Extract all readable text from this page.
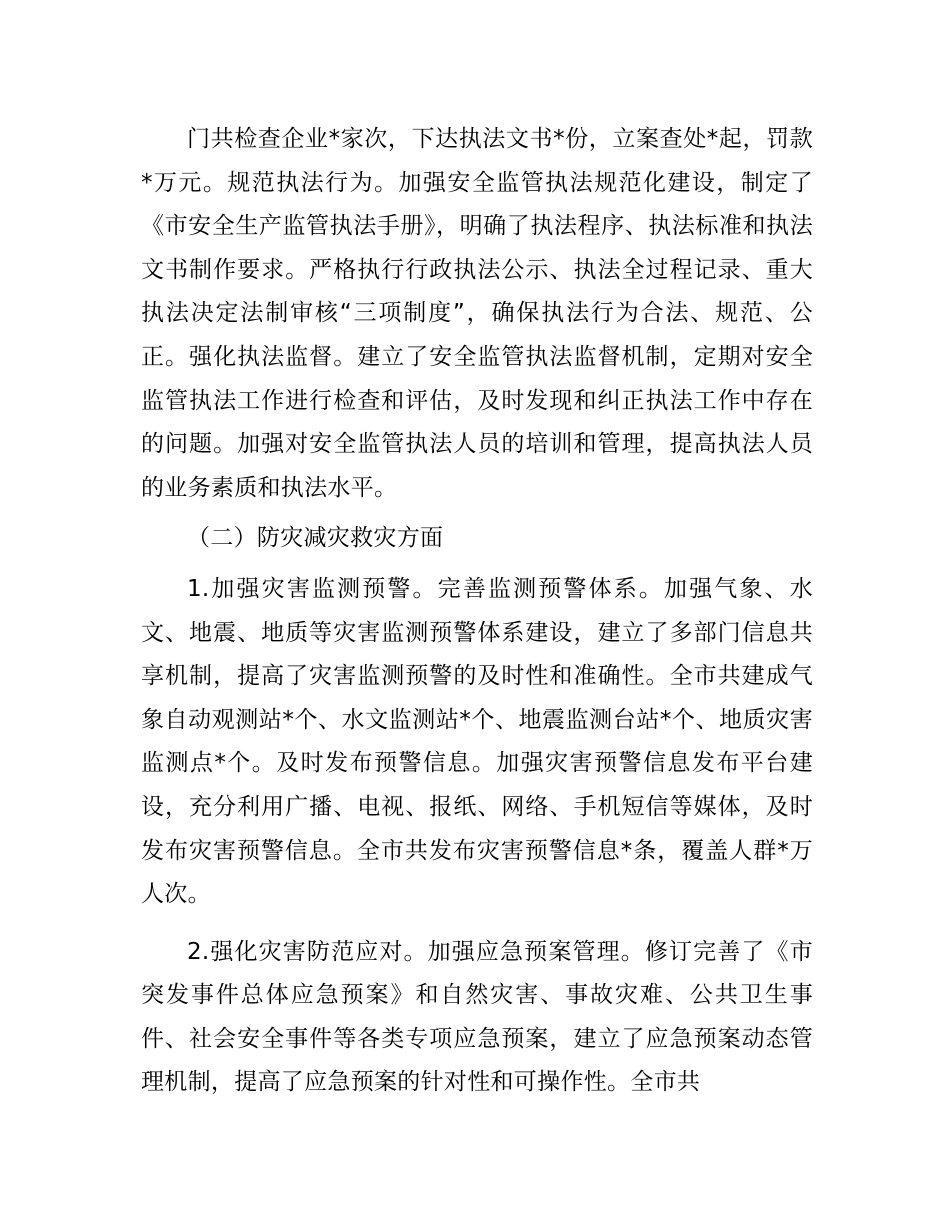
门共检查企业*家次，下达执法文书*份，立案查处*起，罚款*万元。规范执法行为。加强安全监管执法规范化建设，制定了《市安全生产监管执法手册》，明确了执法程序、执法标准和执法文书制作要求。严格执行行政执法公示、执法全过程记录、重大执法决定法制审核“三项制度”，确保执法行为合法、规范、公正。强化执法监督。建立了安全监管执法监督机制，定期对安全监管执法工作进行检查和评估，及时发现和纠正执法工作中存在的问题。加强对安全监管执法人员的培训和管理，提高执法人员的业务素质和执法水平。

（二）防灾减灾救灾方面

1.加强灾害监测预警。完善监测预警体系。加强气象、水文、地震、地质等灾害监测预警体系建设，建立了多部门信息共享机制，提高了灾害监测预警的及时性和准确性。全市共建成气象自动观测站*个、水文监测站*个、地震监测台站*个、地质灾害监测点*个。及时发布预警信息。加强灾害预警信息发布平台建设，充分利用广播、电视、报纸、网络、手机短信等媒体，及时发布灾害预警信息。全市共发布灾害预警信息*条，覆盖人群*万人次。

2.强化灾害防范应对。加强应急预案管理。修订完善了《市突发事件总体应急预案》和自然灾害、事故灾难、公共卫生事件、社会安全事件等各类专项应急预案，建立了应急预案动态管理机制，提高了应急预案的针对性和可操作性。全市共
